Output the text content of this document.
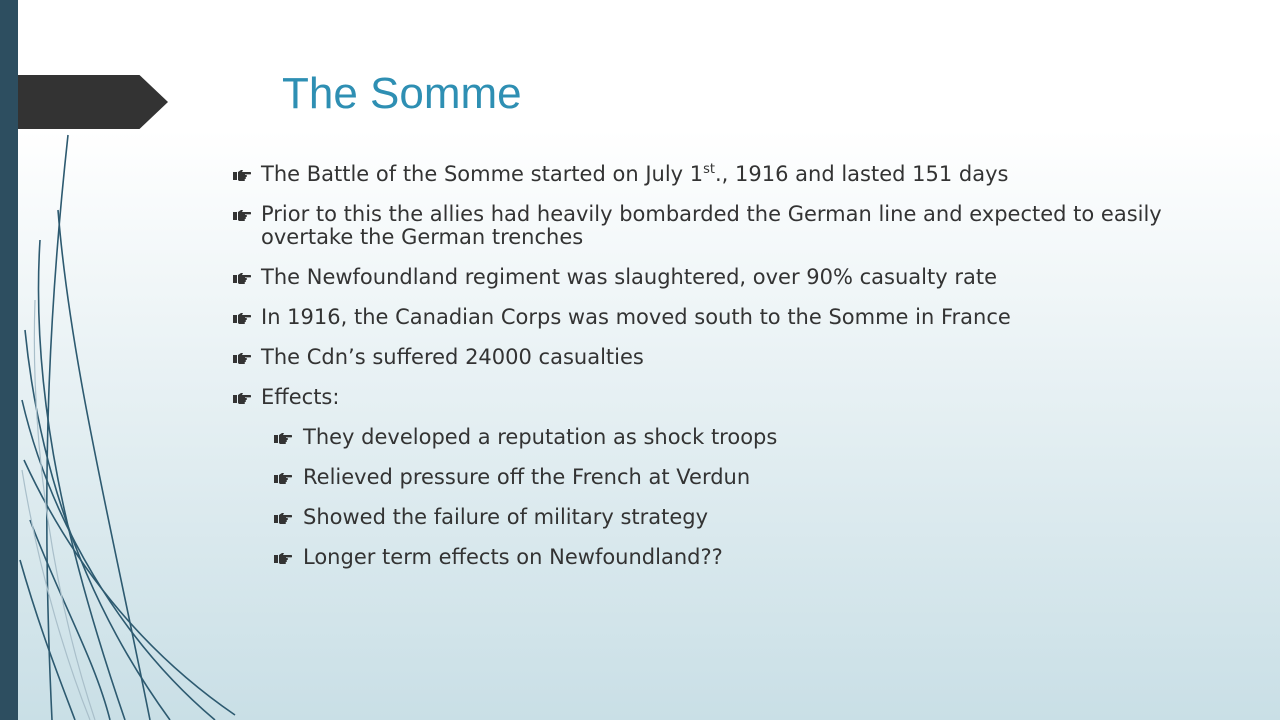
The Somme
The Battle of the Somme started on July 1st., 1916 and lasted 151 days
Prior to this the allies had heavily bombarded the German line and expected to easily overtake the German trenches
The Newfoundland regiment was slaughtered, over 90% casualty rate
In 1916, the Canadian Corps was moved south to the Somme in France
The Cdn’s suffered 24000 casualties
Effects:
They developed a reputation as shock troops
Relieved pressure off the French at Verdun
Showed the failure of military strategy
Longer term effects on Newfoundland??
